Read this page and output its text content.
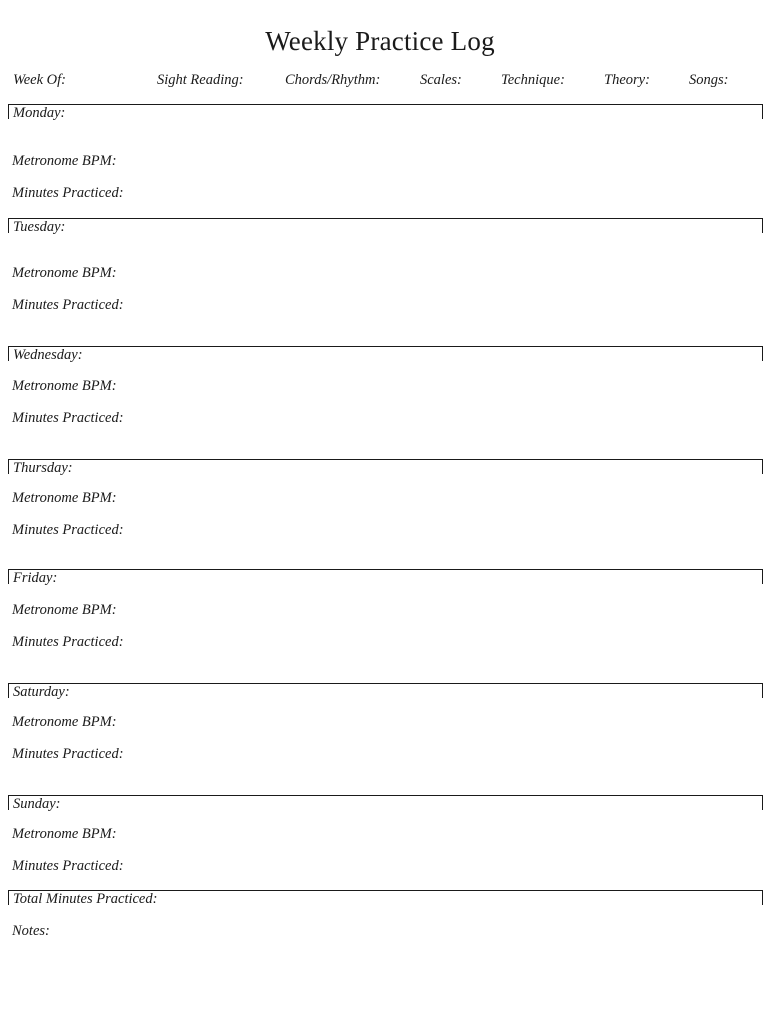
Weekly Practice Log
Week Of:	Sight Reading:	Chords/Rhythm:	Scales:	Technique:	Theory:	Songs:
Monday:
Metronome BPM:
Minutes Practiced:
Tuesday:
Metronome BPM:
Minutes Practiced:
Wednesday:
Metronome BPM:
Minutes Practiced:
Thursday:
Metronome BPM:
Minutes Practiced:
Friday:
Metronome BPM:
Minutes Practiced:
Saturday:
Metronome BPM:
Minutes Practiced:
Sunday:
Metronome BPM:
Minutes Practiced:
Total Minutes Practiced:
Notes:
